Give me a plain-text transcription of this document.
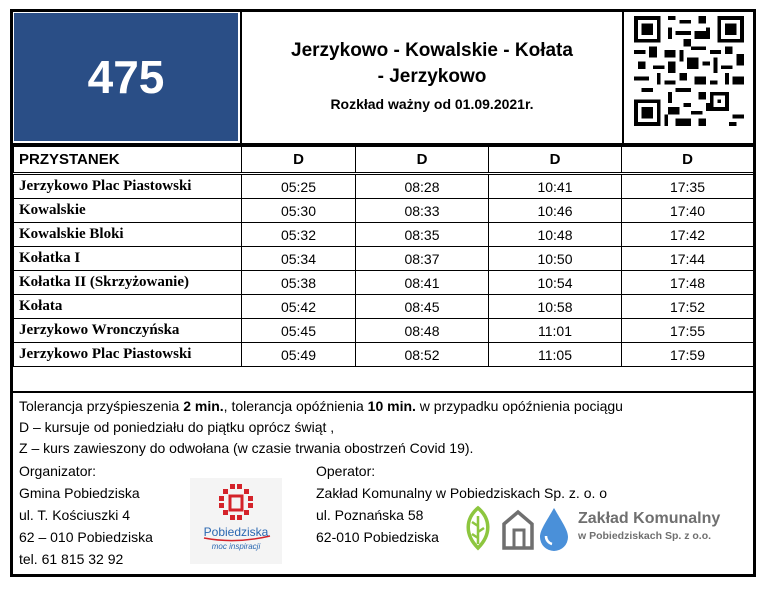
475
Jerzykowo - Kowalskie - Kołata
- Jerzykowo
Rozkład ważny od 01.09.2021r.
PRZYSTANEK	D	D	D	D

Jerzykowo Plac Piastowski	05:25	08:28	10:41	17:35
Kowalskie	05:30	08:33	10:46	17:40
Kowalskie Bloki	05:32	08:35	10:48	17:42
Kołatka I	05:34	08:37	10:50	17:44
Kołatka II (Skrzyżowanie)	05:38	08:41	10:54	17:48
Kołata	05:42	08:45	10:58	17:52
Jerzykowo Wronczyńska	05:45	08:48	11:01	17:55
Jerzykowo Plac Piastowski	05:49	08:52	11:05	17:59
Tolerancja przyśpieszenia 2 min., tolerancja opóźnienia 10 min. w przypadku opóźnienia pociągu
D – kursuje od poniedziału do piątku oprócz świąt ,
Z – kurs zawieszony do odwołana (w czasie trwania obostrzeń Covid 19).
Organizator:
Gmina Pobiedziska
ul. T. Kościuszki 4
62 – 010 Pobiedziska
tel. 61 815 32 92
Pobiedziska
moc inspiracji
Operator:
Zakład Komunalny w Pobiedziskach Sp. z. o. o
ul. Poznańska 58
62-010 Pobiedziska
Zakład Komunalny
w Pobiedziskach Sp. z o.o.
